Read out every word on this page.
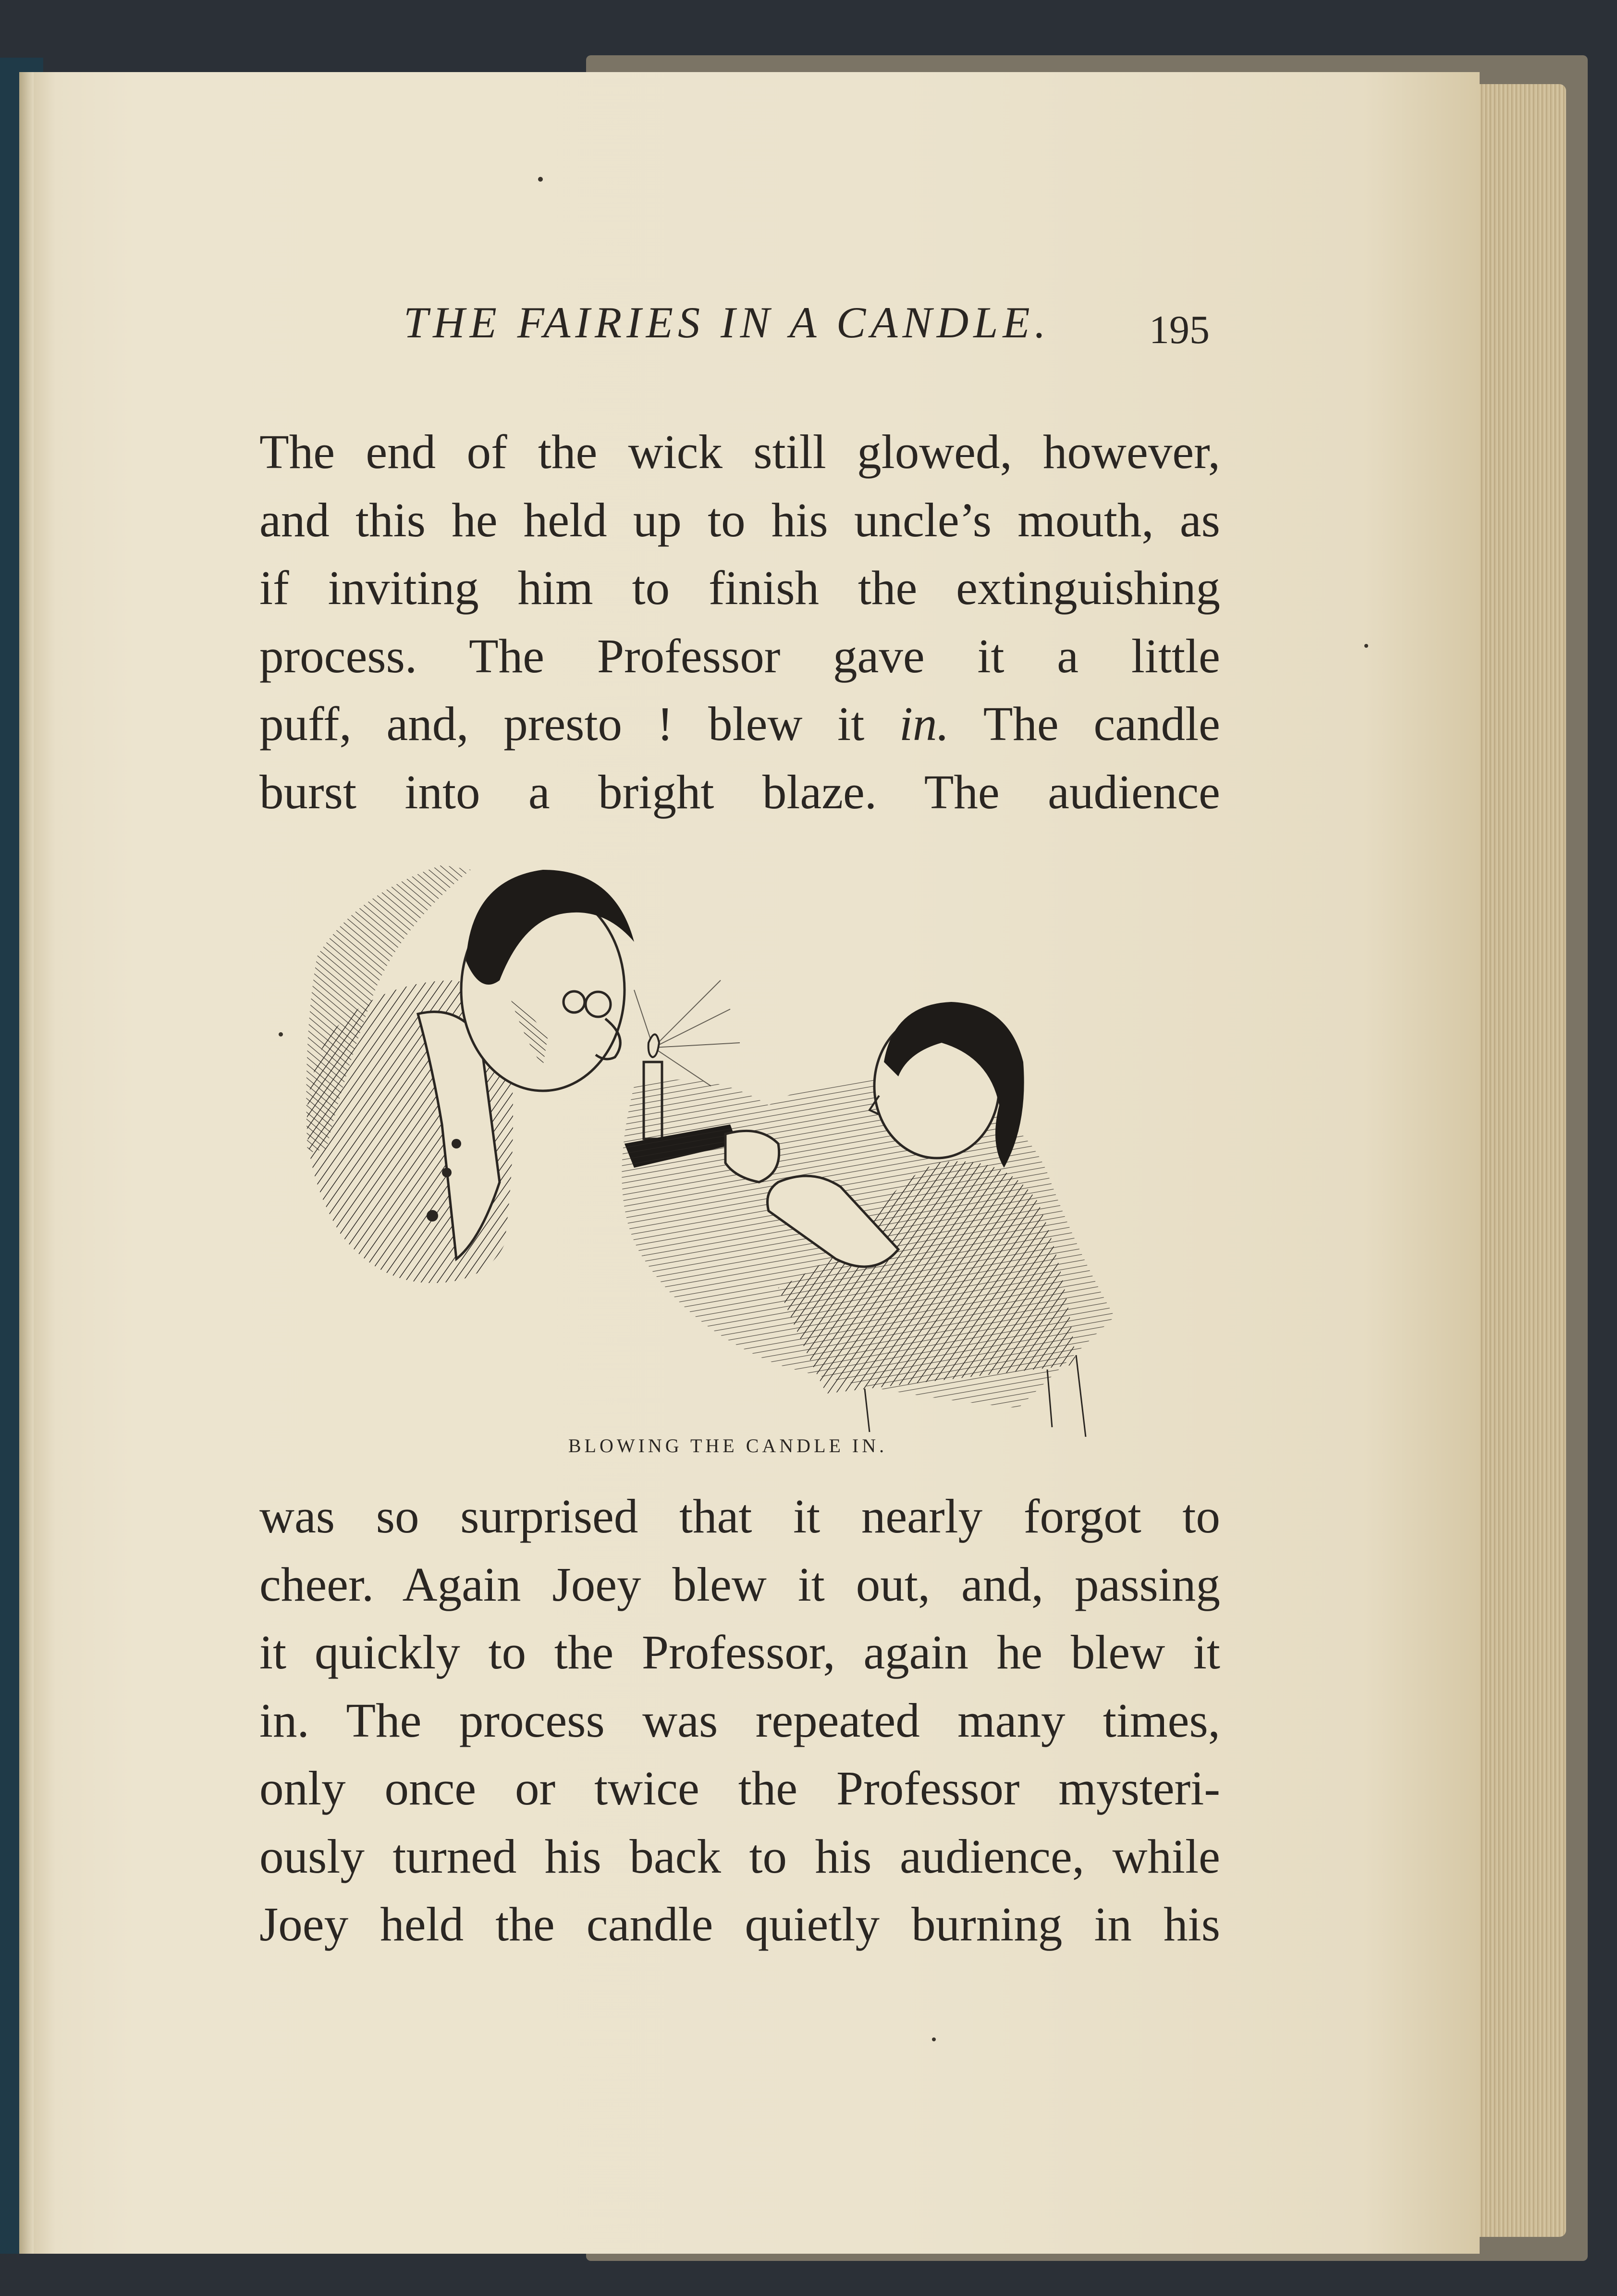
THE FAIRIES IN A CANDLE. 195
The end of the wick still glowed, however,
and this he held up to his uncle’s mouth, as
if inviting him to finish the extinguishing
process. The Professor gave it a little
puff, and, presto ! blew it in. The candle
burst into a bright blaze. The audience
BLOWING THE CANDLE IN.
was so surprised that it nearly forgot to
cheer. Again Joey blew it out, and, passing
it quickly to the Professor, again he blew it
in. The process was repeated many times,
only once or twice the Professor mysteri-
ously turned his back to his audience, while
Joey held the candle quietly burning in his
